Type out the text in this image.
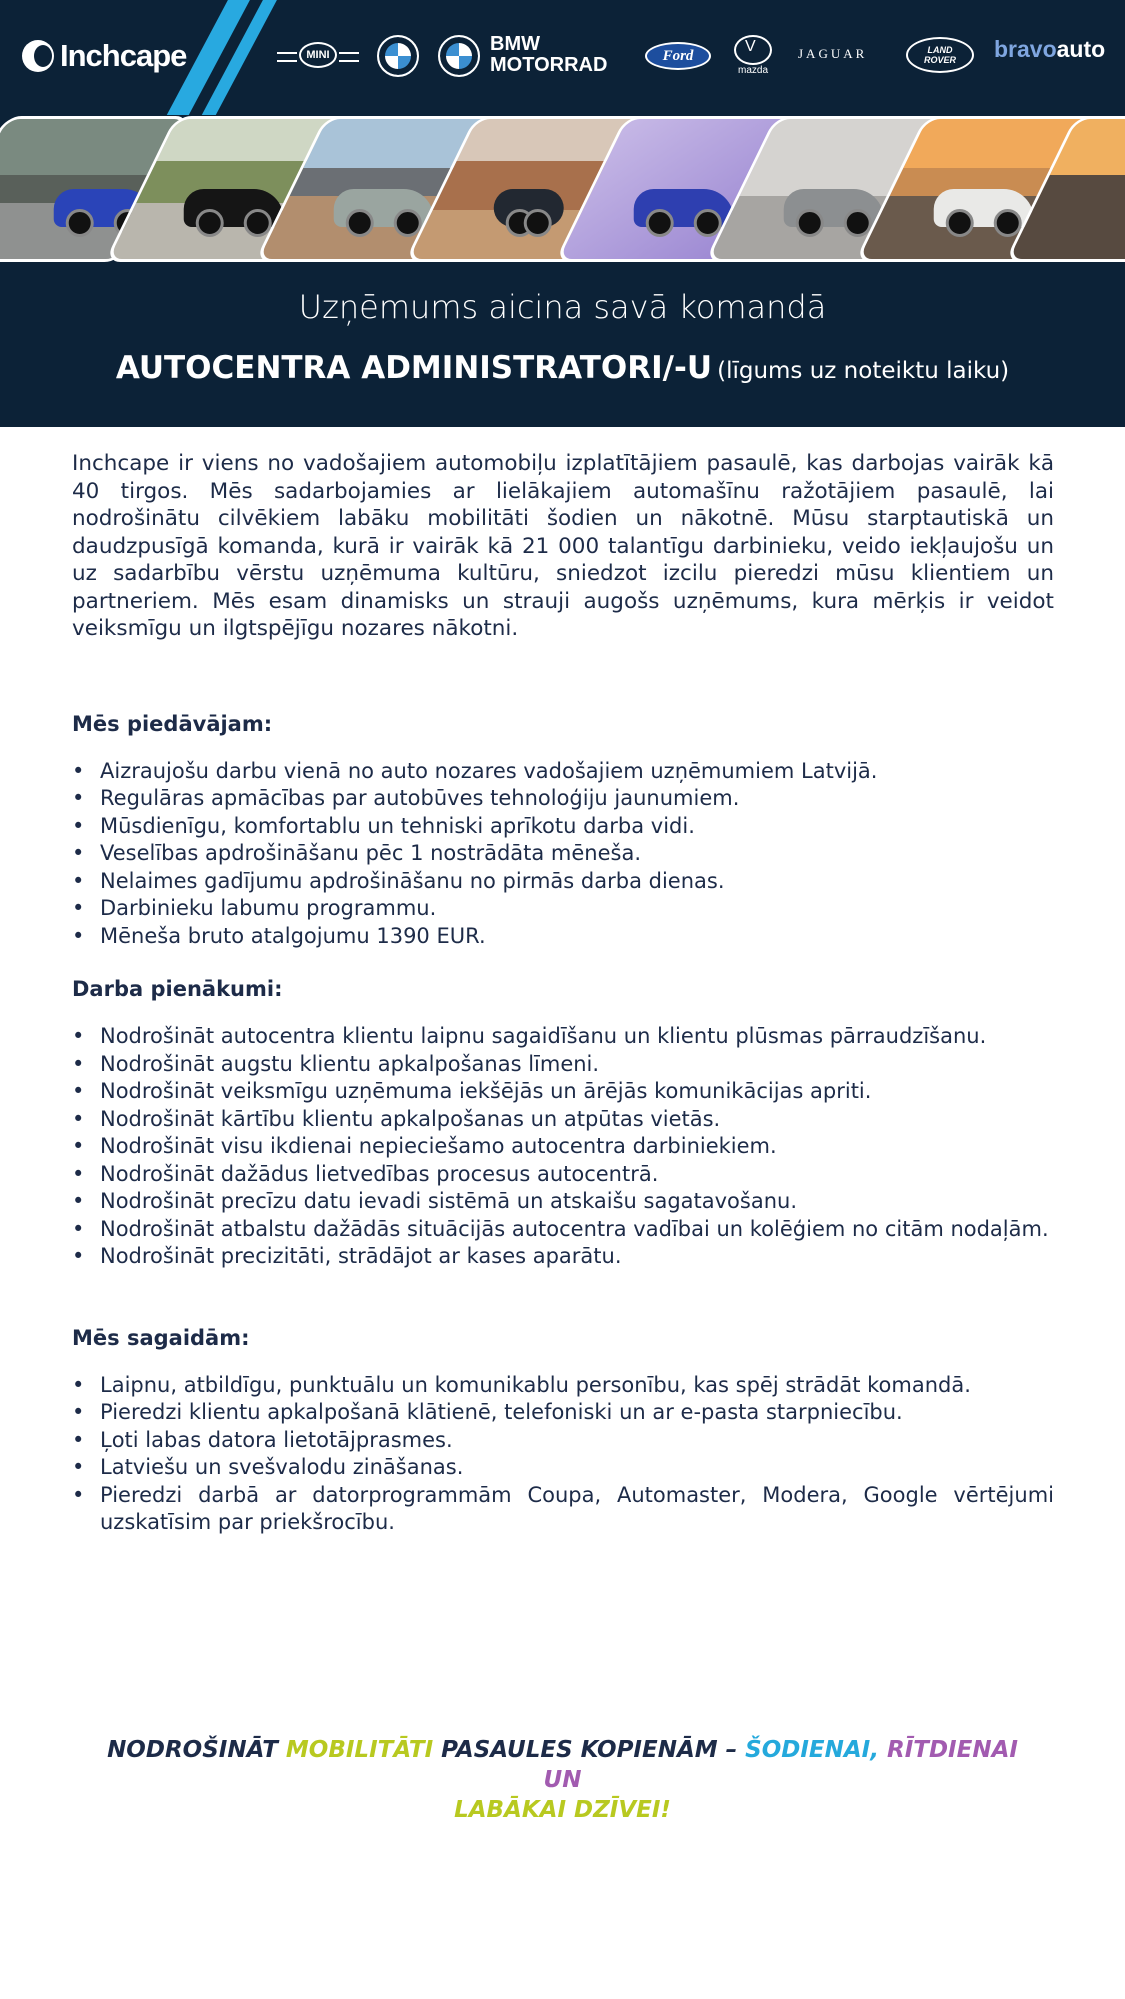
Inchcape	MINI	BMW
MOTORRAD	Ford
V
mazda
JAGUAR	LAND
ROVER bravo auto
Uzņēmums aicina savā komandā
AUTOCENTRA ADMINISTRATORI/-U (līgums uz noteiktu laiku)

Inchcape ir viens no vadošajiem automobiļu izplatītājiem pasaulē, kas darbojas vairāk kā 40 tirgos. Mēs sadarbojamies ar lielākajiem automašīnu ražotājiem pasaulē, lai nodrošinātu cilvēkiem labāku mobilitāti šodien un nākotnē. Mūsu starptautiskā un daudzpusīgā komanda, kurā ir vairāk kā 21 000 talantīgu darbinieku, veido iekļaujošu un uz sadarbību vērstu uzņēmuma kultūru, sniedzot izcilu pieredzi mūsu klientiem un partneriem. Mēs esam dinamisks un strauji augošs uzņēmums, kura mērķis ir veidot veiksmīgu un ilgtspējīgu nozares nākotni.

Mēs piedāvājam:

• Aizraujošu darbu vienā no auto nozares vadošajiem uzņēmumiem Latvijā.
• Regulāras apmācības par autobūves tehnoloģiju jaunumiem.
• Mūsdienīgu, komfortablu un tehniski aprīkotu darba vidi.
• Veselības apdrošināšanu pēc 1 nostrādāta mēneša.
• Nelaimes gadījumu apdrošināšanu no pirmās darba dienas.
• Darbinieku labumu programmu.
• Mēneša bruto atalgojumu 1390 EUR.

Darba pienākumi:

• Nodrošināt autocentra klientu laipnu sagaidīšanu un klientu plūsmas pārraudzīšanu.
• Nodrošināt augstu klientu apkalpošanas līmeni.
• Nodrošināt veiksmīgu uzņēmuma iekšējās un ārējās komunikācijas apriti.
• Nodrošināt kārtību klientu apkalpošanas un atpūtas vietās.
• Nodrošināt visu ikdienai nepieciešamo autocentra darbiniekiem.
• Nodrošināt dažādus lietvedības procesus autocentrā.
• Nodrošināt precīzu datu ievadi sistēmā un atskaišu sagatavošanu.
• Nodrošināt atbalstu dažādās situācijās autocentra vadībai un kolēģiem no citām nodaļām.
• Nodrošināt precizitāti, strādājot ar kases aparātu.

Mēs sagaidām:

• Laipnu, atbildīgu, punktuālu un komunikablu personību, kas spēj strādāt komandā.
• Pieredzi klientu apkalpošanā klātienē, telefoniski un ar e-pasta starpniecību.
• Ļoti labas datora lietotājprasmes.
• Latviešu un svešvalodu zināšanas.
• Pieredzi darbā ar datorprogrammām Coupa, Automaster, Modera, Google vērtējumi uzskatīsim par priekšrocību.
NODROŠINĀT MOBILITĀTI PASAULES KOPIENĀM – ŠODIENAI, RĪTDIENAI UN
LABĀKAI DZĪVEI!
